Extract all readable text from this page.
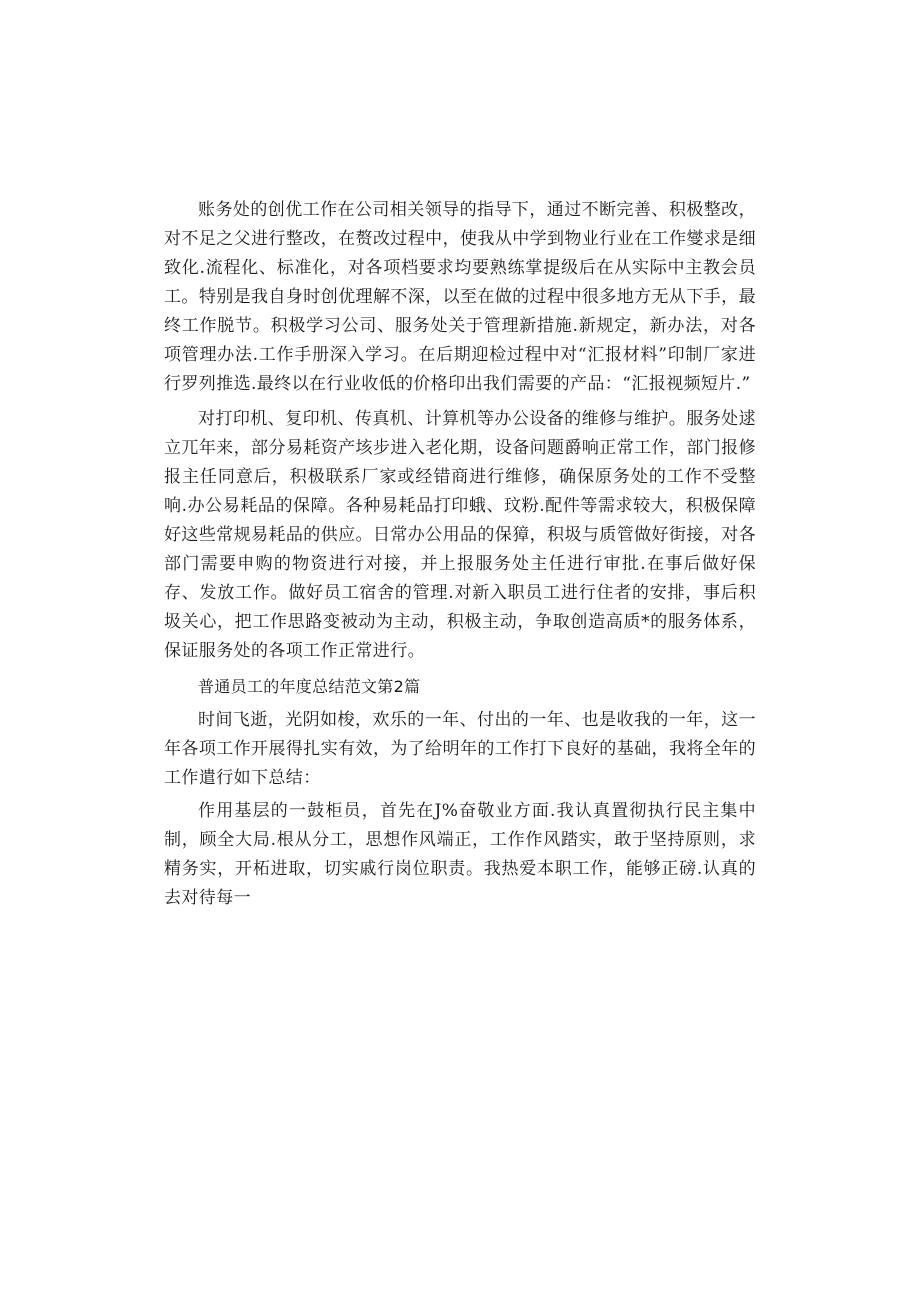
账务处的创优工作在公司相关领导的指导下，通过不断完善、积极整改，对不足之父进行整改，在赘改过程中，使我从中学到物业行业在工作燮求是细致化.流程化、标准化，对各项档要求均要熟练掌提级后在从实际中主教会员工。特别是我自身时创优理解不深，以至在做的过程中很多地方无从下手，最终工作脱节。积极学习公司、服务处关于管理新措施.新规定，新办法，对各项管理办法.工作手册深入学习。在后期迎检过程中对“汇报材料”印制厂家进行罗列推选.最终以在行业收低的价格印出我们需要的产品：“汇报视频短片.”

对打印机、复印机、传真机、计算机等办公设备的维修与维护。服务处逑立兀年来，部分易耗资产垓步进入老化期，设备问题爵响正常工作，部门报修报主任同意后，积极联系厂家或经错商进行维修，确保原务处的工作不受整响.办公易耗品的保障。各种易耗品打印蛾、玟粉.配件等需求较大，积极保障好这些常规易耗品的供应。日常办公用品的保獐，积圾与质管做好街接，对各部门需要申购的物资进行对接，并上报服务处主任进行审批.在事后做好保存、发放工作。做好员工宿舍的管理.对新入职员工进行住者的安排，事后积圾关心，把工作思路变被动为主动，积极主动，争取创造高质*的服务体系，保证服务处的各项工作正常进行。

普通员工的年度总结范文第2篇

时间飞逝，光阴如梭，欢乐的一年、付出的一年、也是收我的一年，这一年各项工作开展得扎实有效，为了给明年的工作打下良好的基础，我将全年的工作遣行如下总结：

作用基层的一鼓柜员，首先在J%奋敬业方面.我认真置彻执行民主集中制，顾全大局.根从分工，思想作风端正，工作作风踏实，敢于坚持原则，求精务实，开柘进取，切实戚行岗位职责。我热爱本职工作，能够正磅.认真的去对待每一
